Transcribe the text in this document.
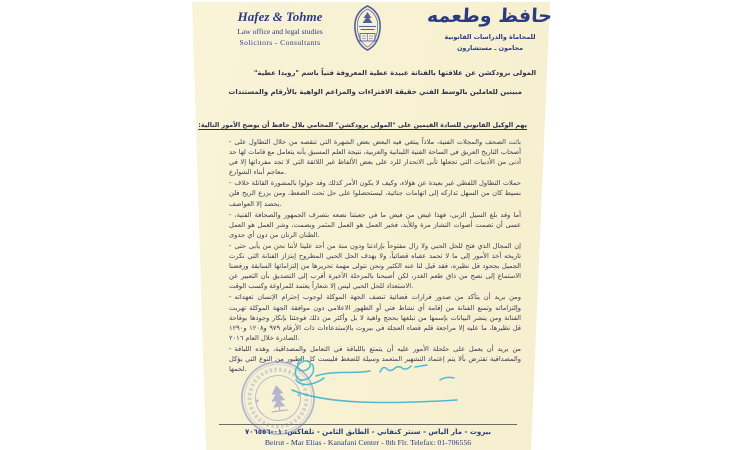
Hafez & Tohme
Law office and legal studies
Solicitors - Consultants
حافظ وطعمه
للمحاماة والدراسات القانونية
محامون ـ مستشارون
المولى برودكشن عن علاقتها بالفنانة عبيدة عطية المعروفة فنياً باسم "رويدا عطية"
مبينين للعاملين بالوسط الفني حقيقة الافتراءات والمزاعم الواهية بالأرقام والمستندات
يهم الوكيل القانوني للسادة القيمين على "المولى برودكشن" المحامي بلال حافظ أن يوضح الأمور التالية:
- باتت الصحف والمجلات الفنية، ملاذاً يبتغي فيه البعض بعض الشهرة التي تنقصه من خلال التطاول على أصحاب التاريخ العريق في الساحة الفنية اللبنانية والعربية، نتيجة العلم المسبق بأنه يتعامل مع قامات لها حد أدنى من الأدبيات التي تجعلها تأبى الانحدار للرد على بعض الألفاظ غير اللائقة التي لا تجد مفرداتها إلا في معاجم أبناء الشوارع.
- حملات التطاول اللفظي غير بعيدة عن هؤلاء، وكيف لا يكون الأمر كذلك وقد حولوا بالمشورة القاتلة خلاف بسيط كان من السهل تداركه إلى اتهامات جنائية، ليستحصلوا على حل تحت الضغط، ومن يزرع الريح فلن يحصد إلا العواصف.
- أما وقد بلغ السيل الزبى، فهذا غيض من فيض ما في جعبتنا نضعه بتصرف الجمهور والصحافة الفنية، عسى أن تصمت أصوات النشاز مرة وللأبد، فخير العمل هو العمل المثمر وبصمت، وشر العمل هو العمل الطنان الرنان من دون أي جدوى.
- إن المجال الذي فتح للحل الحبي ولا زال مفتوحاً بإرادتنا ودون منة من أحد علينا لأننا نحن من يأبى حتى تاريخه أخذ الأمور إلى ما لا تحمد عقباه قضائياً، ولا يهدف الحل الحبي المطروح إبتزاز الفنانة التي نكرت الجميل بجحود قل نظيره، فقد قيل لنا عنه الكثير ونحن نتولى مهمة تحريرها من إلتزاماتها السابقة ورفضنا الاستماع إلى نصح من ذاق طعم الغدر، لكن أصبحنا بالمرحلة الأخيرة أقرب إلى التصديق بأن التعبير عن الاستعداد للحل الحبي ليس إلا شعاراً يعتمد للمراوغة وكسب الوقت.
- ومن يريد أن يتأكد من صدور قرارات قضائية تنصف الجهة الموكلة لوجوب إحترام الإنسان تعهداته وإلتزاماته وتمنع الفنانة من إقامة أي نشاط فني أو الظهور الاعلامي دون موافقة الجهة الموكلة تهربت الفنانة ومن ينشر البيانات بإسمها من تبلغها بحجج واهية لا بل وأكثر من ذلك فوجئنا بإنكار وجودها بوقاحة قل نظيرها، ما عليه إلا مراجعة قلم قضاء العجلة في بيروت بالإستدعاءات ذات الأرقام ٩٧٩ و١٢٠٨ و١٢٩٠ الصادرة خلال العام ٢٠١٦.
- من يريد أن يعمل على حلحلة الأمور عليه أن يتمتع باللباقة في التعامل والمصداقية، وهذه اللباقة والمصداقية تفترض بألا يتم إعتماد التشهير المتعمد وسيلة للضغط فليست كل الطيور من النوع التي يؤكل لحمها.
بيروت - مار الياس - سنتر كنفاني - الطابق الثامن - تلفاكس: ٠١-٧٠٦٥٥٦
Beirut - Mar Elias - Kanafani Center - 8th Flr. Telefax: 01-706556
